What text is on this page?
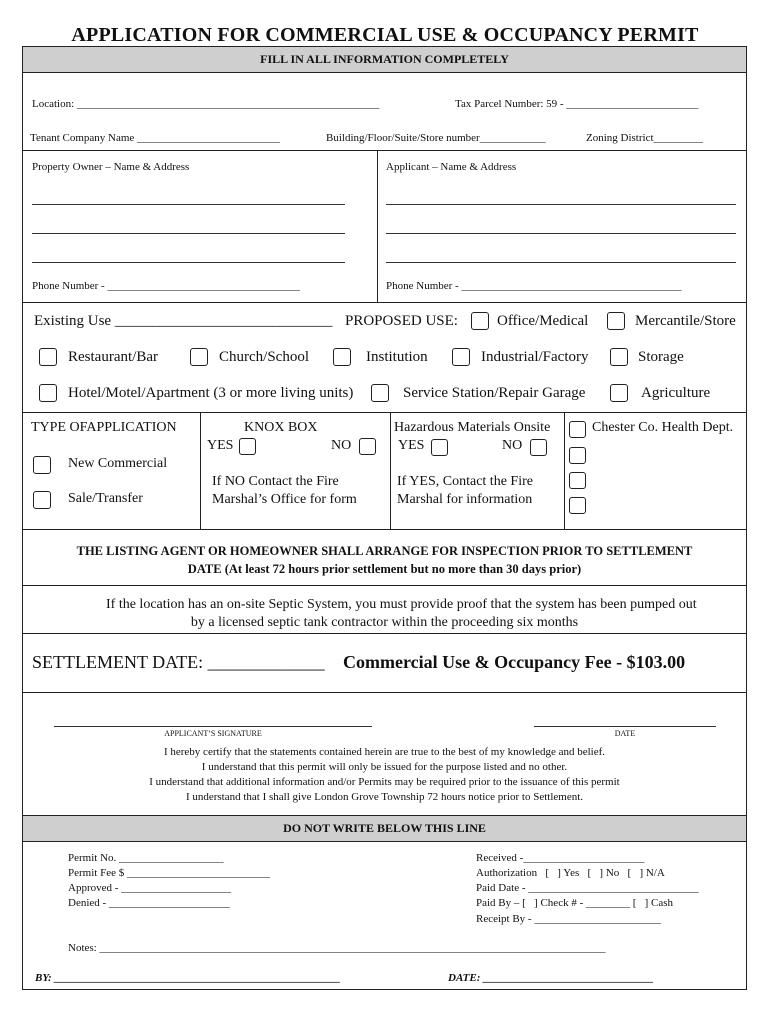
APPLICATION FOR COMMERCIAL USE & OCCUPANCY PERMIT
FILL IN ALL INFORMATION COMPLETELY
Location: _______________________________________________________	Tax Parcel Number: 59 - ________________________
Tenant Company Name __________________________	Building/Floor/Suite/Store number____________	Zoning District_________
Property Owner – Name & Address	Applicant – Name & Address
Phone Number - ___________________________________	Phone Number - ________________________________________
Existing Use _____________________________ PROPOSED USE:	Office/Medical	Mercantile/Store
Restaurant/Bar	Church/School	Institution	Industrial/Factory	Storage
Hotel/Motel/Apartment (3 or more living units)	Service Station/Repair Garage	Agriculture
TYPE OFAPPLICATION
New Commercial
Sale/Transfer
KNOX BOX
YES	NO
If NO Contact the Fire
Marshal’s Office for form
Hazardous Materials Onsite
YES	NO
If YES, Contact the Fire
Marshal for information
Chester Co. Health Dept.
THE LISTING AGENT OR HOMEOWNER SHALL ARRANGE FOR INSPECTION PRIOR TO SETTLEMENT
DATE (At least 72 hours prior settlement but no more than 30 days prior)
If the location has an on-site Septic System, you must provide proof that the system has been pumped out
by a licensed septic tank contractor within the proceeding six months
SETTLEMENT DATE: _____________ Commercial Use & Occupancy Fee - $103.00
APPLICANT’S SIGNATURE	DATE
I hereby certify that the statements contained herein are true to the best of my knowledge and belief.
I understand that this permit will only be issued for the purpose listed and no other.
I understand that additional information and/or Permits may be required prior to the issuance of this permit
I understand that I shall give London Grove Township 72 hours notice prior to Settlement.
DO NOT WRITE BELOW THIS LINE
Permit No. ___________________
Permit Fee $ __________________________
Approved - ____________________
Denied - ______________________
Received -______________________
Authorization   [   ] Yes   [   ] No   [   ] N/A
Paid Date - _______________________________
Paid By – [   ] Check # - ________ [   ] Cash
Receipt By - _______________________
Notes: ____________________________________________________________________________________________
BY: ____________________________________________________	DATE: _______________________________
